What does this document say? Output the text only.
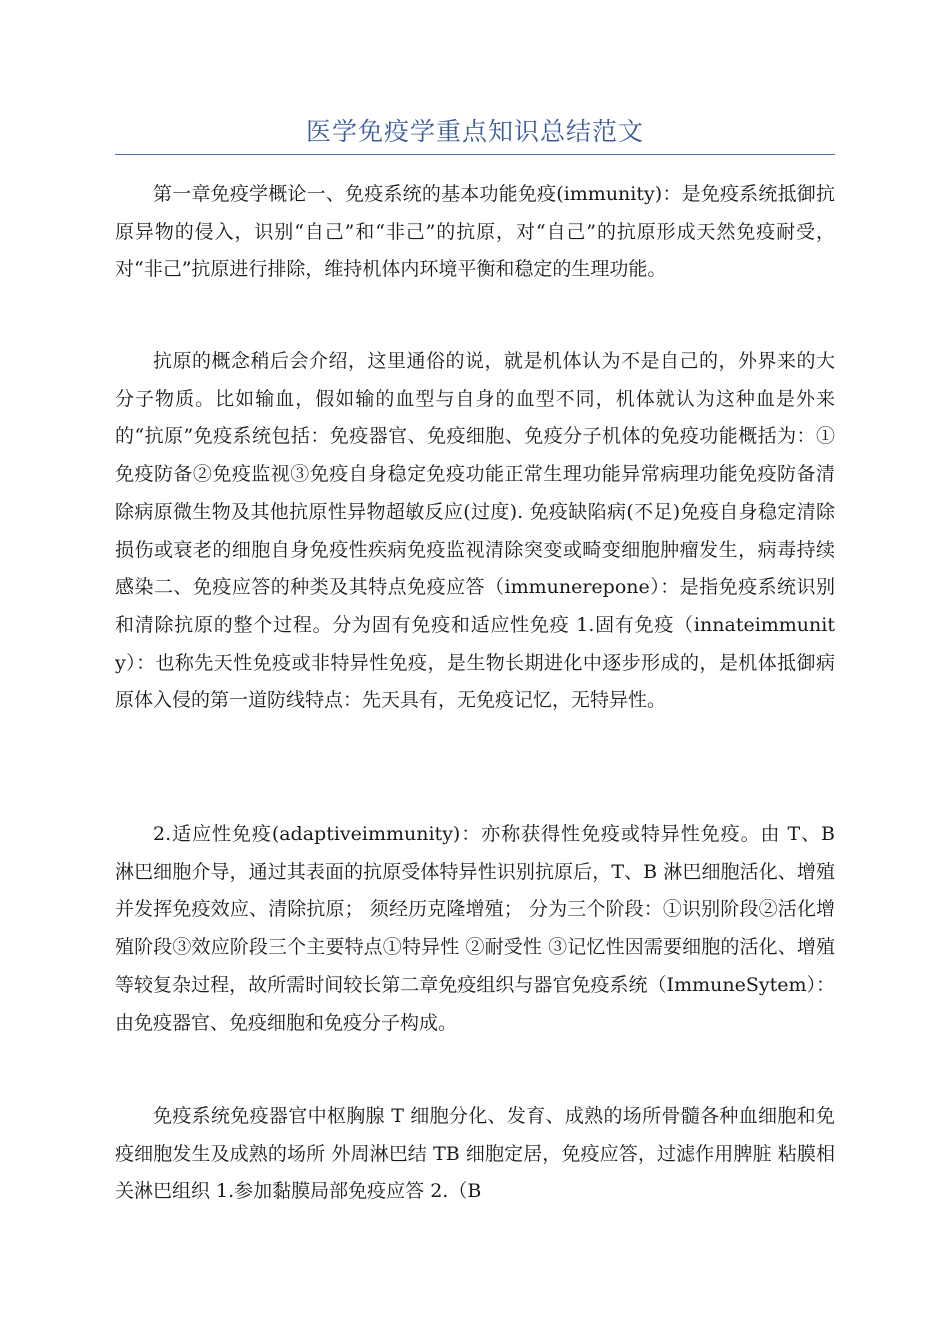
医学免疫学重点知识总结范文

第一章免疫学概论一、免疫系统的基本功能免疫(immunity)：是免疫系统抵御抗原异物的侵入，识别“自己”和“非己”的抗原，对“自己”的抗原形成天然免疫耐受，对“非己”抗原进行排除，维持机体内环境平衡和稳定的生理功能。

抗原的概念稍后会介绍，这里通俗的说，就是机体认为不是自己的，外界来的大分子物质。比如输血，假如输的血型与自身的血型不同，机体就认为这种血是外来的“抗原”免疫系统包括：免疫器官、免疫细胞、免疫分子机体的免疫功能概括为：①免疫防备②免疫监视③免疫自身稳定免疫功能正常生理功能异常病理功能免疫防备清除病原微生物及其他抗原性异物超敏反应(过度). 免疫缺陷病(不足)免疫自身稳定清除损伤或衰老的细胞自身免疫性疾病免疫监视清除突变或畸变细胞肿瘤发生，病毒持续感染二、免疫应答的种类及其特点免疫应答（immunerepone）：是指免疫系统识别和清除抗原的整个过程。分为固有免疫和适应性免疫 1.固有免疫（innateimmunity）：也称先天性免疫或非特异性免疫，是生物长期进化中逐步形成的，是机体抵御病原体入侵的第一道防线特点：先天具有，无免疫记忆，无特异性。

2.适应性免疫(adaptiveimmunity)：亦称获得性免疫或特异性免疫。由 T、B 淋巴细胞介导，通过其表面的抗原受体特异性识别抗原后，T、B 淋巴细胞活化、增殖并发挥免疫效应、清除抗原； 须经历克隆增殖； 分为三个阶段：①识别阶段②活化增殖阶段③效应阶段三个主要特点①特异性 ②耐受性 ③记忆性因需要细胞的活化、增殖等较复杂过程，故所需时间较长第二章免疫组织与器官免疫系统（ImmuneSytem）：由免疫器官、免疫细胞和免疫分子构成。

免疫系统免疫器官中枢胸腺 T 细胞分化、发育、成熟的场所骨髓各种血细胞和免疫细胞发生及成熟的场所 外周淋巴结 TB 细胞定居，免疫应答，过滤作用脾脏 粘膜相关淋巴组织 1.参加黏膜局部免疫应答 2.（B
